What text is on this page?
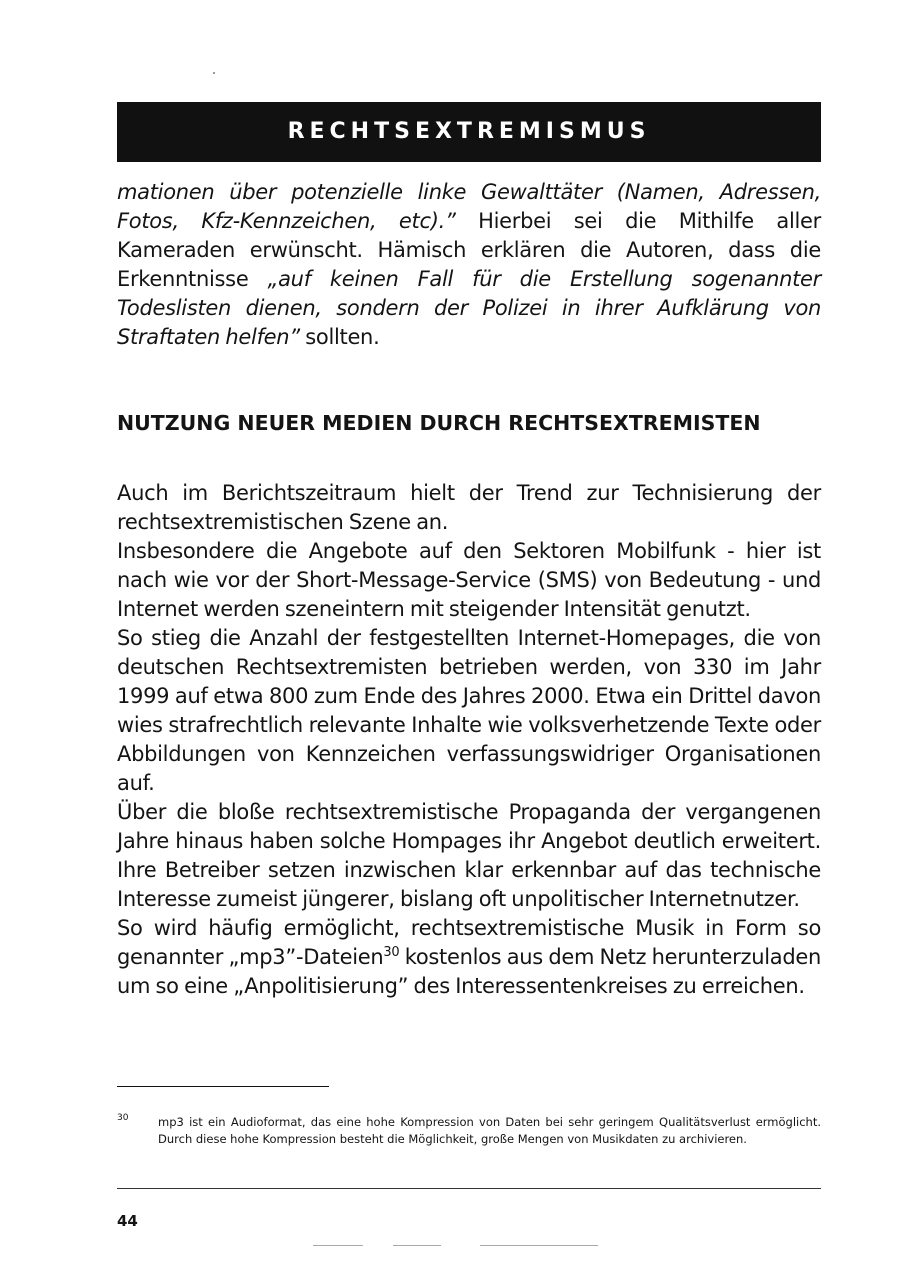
RECHTSEXTREMISMUS

mationen über potenzielle linke Gewalttäter (Namen, Adressen, Fotos, Kfz-Kennzeichen, etc).” Hierbei sei die Mithilfe aller Kameraden erwünscht. Hämisch erklären die Autoren, dass die Erkenntnisse „auf keinen Fall für die Erstellung sogenannter Todeslisten dienen, sondern der Polizei in ihrer Aufklärung von Straftaten helfen” sollten.

NUTZUNG NEUER MEDIEN DURCH RECHTSEXTREMISTEN

Auch im Berichtszeitraum hielt der Trend zur Technisierung der rechtsextremistischen Szene an.

Insbesondere die Angebote auf den Sektoren Mobilfunk - hier ist nach wie vor der Short-Message-Service (SMS) von Bedeutung - und Internet werden szeneintern mit steigender Intensität genutzt.

So stieg die Anzahl der festgestellten Internet-Homepages, die von deutschen Rechtsextremisten betrieben werden, von 330 im Jahr 1999 auf etwa 800 zum Ende des Jahres 2000. Etwa ein Drittel davon wies strafrechtlich relevante Inhalte wie volksverhetzende Texte oder Abbildungen von Kennzeichen verfassungswidriger Organisationen auf.

Über die bloße rechtsextremistische Propaganda der vergangenen Jahre hinaus haben solche Hompages ihr Angebot deutlich erweitert. Ihre Betreiber setzen inzwischen klar erkennbar auf das technische Interesse zumeist jüngerer, bislang oft unpolitischer Internetnutzer.

So wird häufig ermöglicht, rechtsextremistische Musik in Form so genannter „mp3”-Dateien$^{30}$ kostenlos aus dem Netz herunterzuladen um so eine „Anpolitisierung” des Interessentenkreises zu erreichen.

30	mp3 ist ein Audioformat, das eine hohe Kompression von Daten bei sehr geringem Qualitätsverlust ermöglicht. Durch diese hohe Kompression besteht die Möglichkeit, große Mengen von Musikdaten zu archivieren.
44
